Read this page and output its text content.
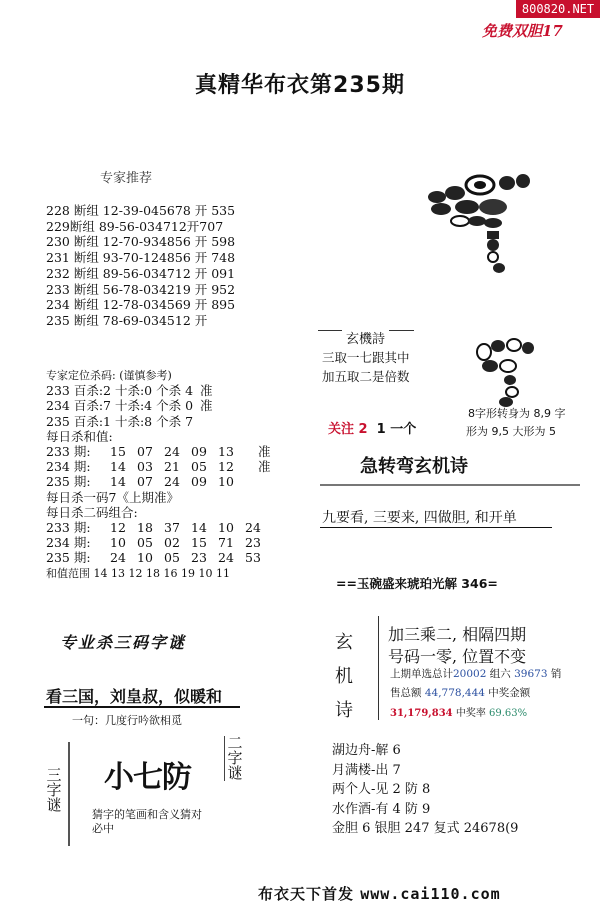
800820.NET
免费双胆17
真精华布衣第235期
专家推荐
228 断组 12-39-045678 开 535
229断组 89-56-034712开707
230 断组 12-70-934856 开 598
231 断组 93-70-124856 开 748
232 断组 89-56-034712 开 091
233 断组 56-78-034219 开 952
234 断组 12-78-034569 开 895
235 断组 78-69-034512 开
专家定位杀码: (谨慎参考)
233 百杀:2 十杀:0 个杀 4 准
234 百杀:7 十杀:4 个杀 0 准
235 百杀:1 十杀:8 个杀 7
每日杀和值:
233 期:	15 07 24 09 13	准
234 期:	14 03 21 05 12	准
235 期:	14 07 24 09 10
每日杀一码7《上期准》
每日杀二码组合:
233 期:	12 18 37 14 10 24
234 期:	10 05 02 15 71 23
235 期:	24 10 05 23 24 53
和值范围
14 13 12 18 16 19 10 11
专业杀三码字谜
看三国，刘皇叔，似暖和
一句：几度行吟欲相觅
小七防
猜字的笔画和含义猜对必中
二字谜
三字谜
玄機詩
三取一七跟其中
加五取二是倍数
8字形转身为 8,9 字
形为 9,5 大形为 5
关注 2 1 一个
急转弯玄机诗
九要看, 三要来, 四做胆, 和开单
==玉碗盛来琥珀光解 346=
玄
机
诗
加三乘二, 相隔四期
号码一零, 位置不变
上期单选总计20002 组六 39673 销
售总额 44,778,444 中奖金额
31,179,834 中奖率 69.63%
湖边舟-解 6
月满楼-出 7
两个人-见 2 防 8
水作酒-有 4 防 9
金胆 6 银胆 247 复式 24678(9
布衣天下首发 www.cai110.com
